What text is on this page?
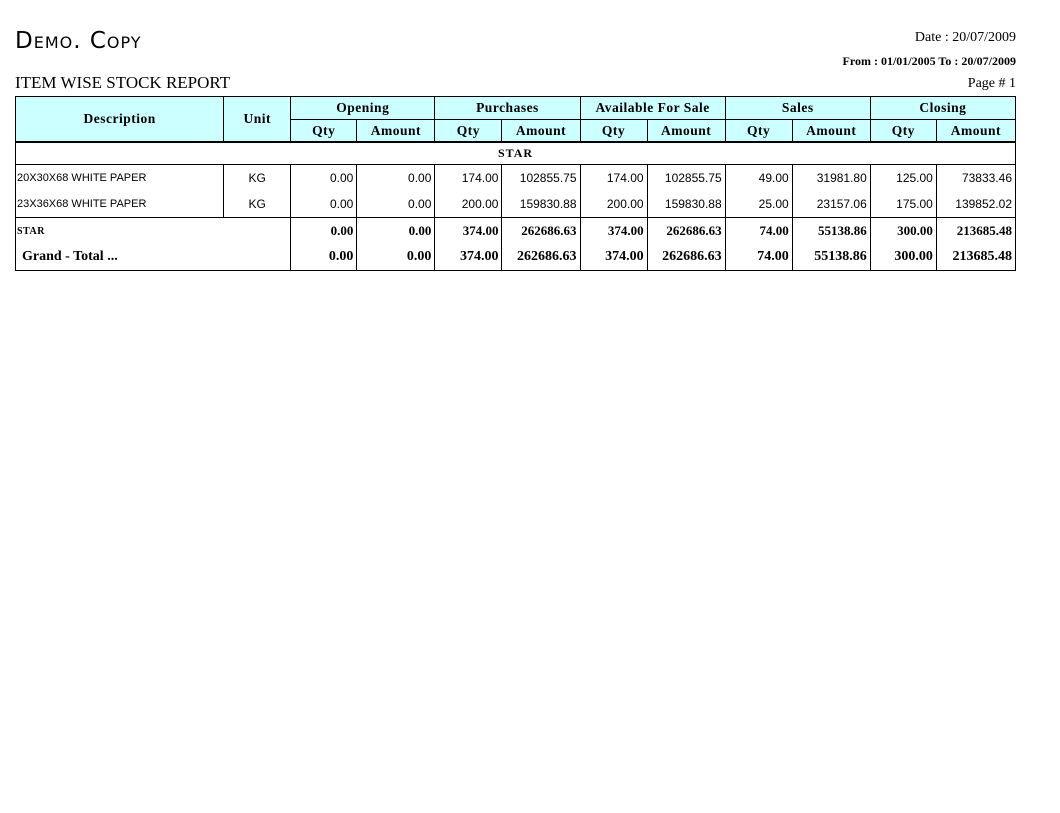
Demo. Copy	Date : 20/07/2009
From : 01/01/2005 To : 20/07/2009
ITEM WISE STOCK REPORT	Page # 1
Description	Unit	Opening		Purchases		Available For Sale		Sales		Closing	
		Qty	Amount	Qty	Amount	Qty	Amount	Qty	Amount	Qty	Amount
STAR											
20X30X68 WHITE PAPER	KG	0.00	0.00	174.00	102855.75	174.00	102855.75	49.00	31981.80	125.00	73833.46
23X36X68 WHITE PAPER	KG	0.00	0.00	200.00	159830.88	200.00	159830.88	25.00	23157.06	175.00	139852.02
STAR		0.00	0.00	374.00	262686.63	374.00	262686.63	74.00	55138.86	300.00	213685.48
Grand - Total ...		0.00	0.00	374.00	262686.63	374.00	262686.63	74.00	55138.86	300.00	213685.48
